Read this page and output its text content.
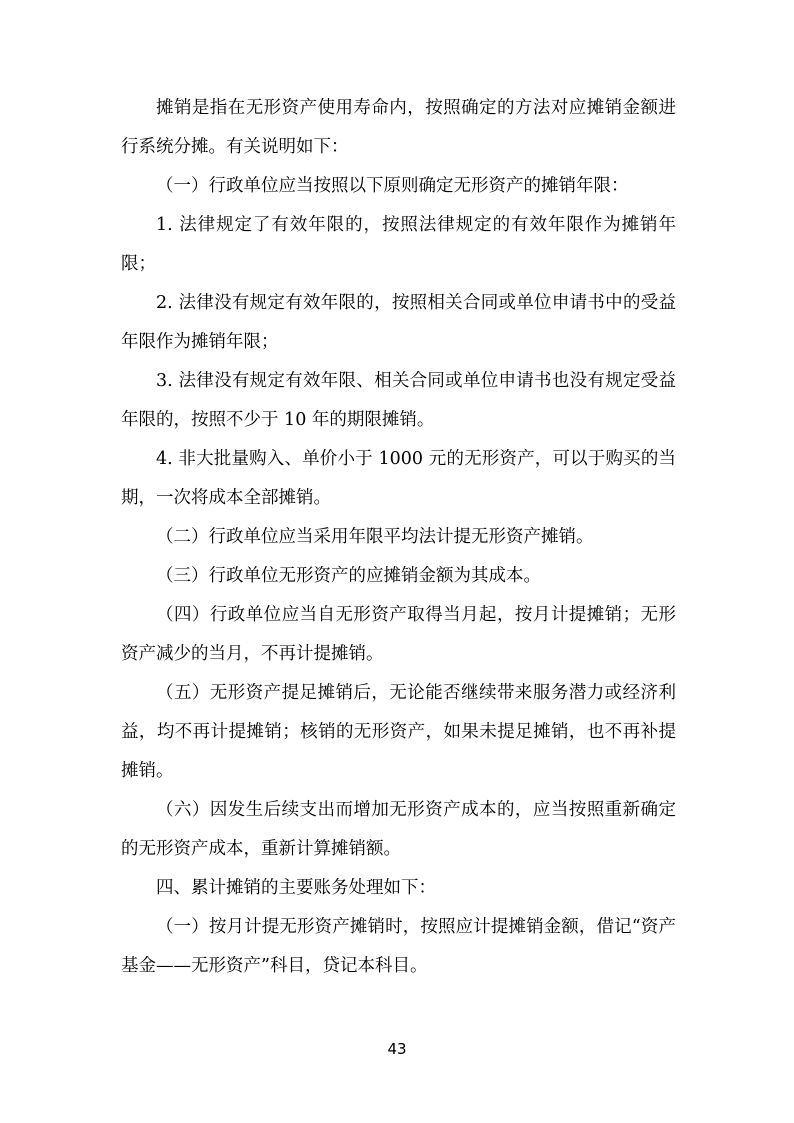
摊销是指在无形资产使用寿命内，按照确定的方法对应摊销金额进行系统分摊。有关说明如下：

（一）行政单位应当按照以下原则确定无形资产的摊销年限：

1. 法律规定了有效年限的，按照法律规定的有效年限作为摊销年限；

2. 法律没有规定有效年限的，按照相关合同或单位申请书中的受益年限作为摊销年限；

3. 法律没有规定有效年限、相关合同或单位申请书也没有规定受益年限的，按照不少于 10 年的期限摊销。

4. 非大批量购入、单价小于 1000 元的无形资产，可以于购买的当期，一次将成本全部摊销。

（二）行政单位应当采用年限平均法计提无形资产摊销。

（三）行政单位无形资产的应摊销金额为其成本。

（四）行政单位应当自无形资产取得当月起，按月计提摊销；无形资产减少的当月，不再计提摊销。

（五）无形资产提足摊销后，无论能否继续带来服务潜力或经济利益，均不再计提摊销；核销的无形资产，如果未提足摊销，也不再补提摊销。

（六）因发生后续支出而增加无形资产成本的，应当按照重新确定的无形资产成本，重新计算摊销额。

四、累计摊销的主要账务处理如下：

（一）按月计提无形资产摊销时，按照应计提摊销金额，借记“资产基金——无形资产”科目，贷记本科目。

43
